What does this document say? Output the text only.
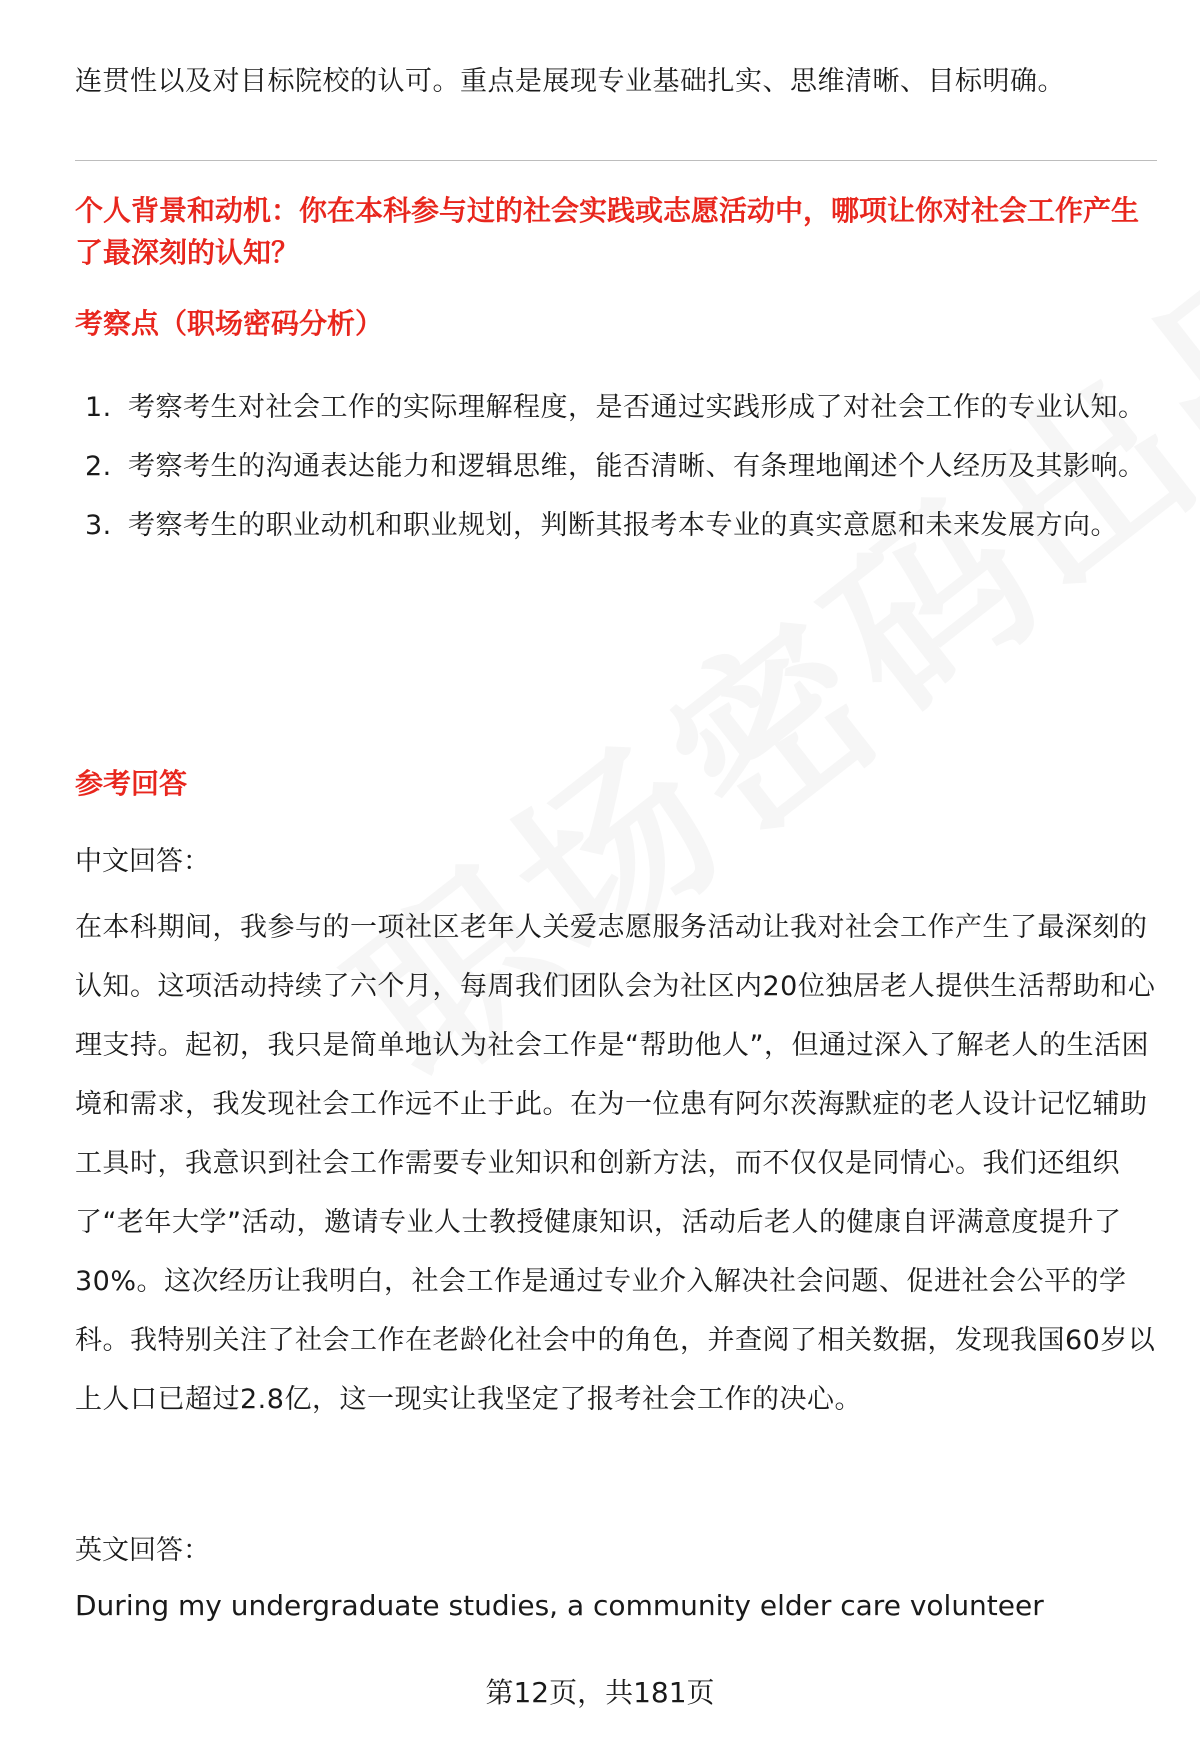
连贯性以及对目标院校的认可。重点是展现专业基础扎实、思维清晰、目标明确。
个人背景和动机：你在本科参与过的社会实践或志愿活动中，哪项让你对社会工作产生了最深刻的认知？
考察点（职场密码分析）
1. 考察考生对社会工作的实际理解程度，是否通过实践形成了对社会工作的专业认知。
2. 考察考生的沟通表达能力和逻辑思维，能否清晰、有条理地阐述个人经历及其影响。
3. 考察考生的职业动机和职业规划，判断其报考本专业的真实意愿和未来发展方向。
参考回答
中文回答：
在本科期间，我参与的一项社区老年人关爱志愿服务活动让我对社会工作产生了最深刻的认知。这项活动持续了六个月，每周我们团队会为社区内20位独居老人提供生活帮助和心理支持。起初，我只是简单地认为社会工作是“帮助他人”，但通过深入了解老人的生活困境和需求，我发现社会工作远不止于此。在为一位患有阿尔茨海默症的老人设计记忆辅助工具时，我意识到社会工作需要专业知识和创新方法，而不仅仅是同情心。我们还组织了“老年大学”活动，邀请专业人士教授健康知识，活动后老人的健康自评满意度提升了30%。这次经历让我明白，社会工作是通过专业介入解决社会问题、促进社会公平的学科。我特别关注了社会工作在老龄化社会中的角色，并查阅了相关数据，发现我国60岁以上人口已超过2.8亿，这一现实让我坚定了报考社会工作的决心。
英文回答：
During my undergraduate studies, a community elder care volunteer
第12页，共181页
